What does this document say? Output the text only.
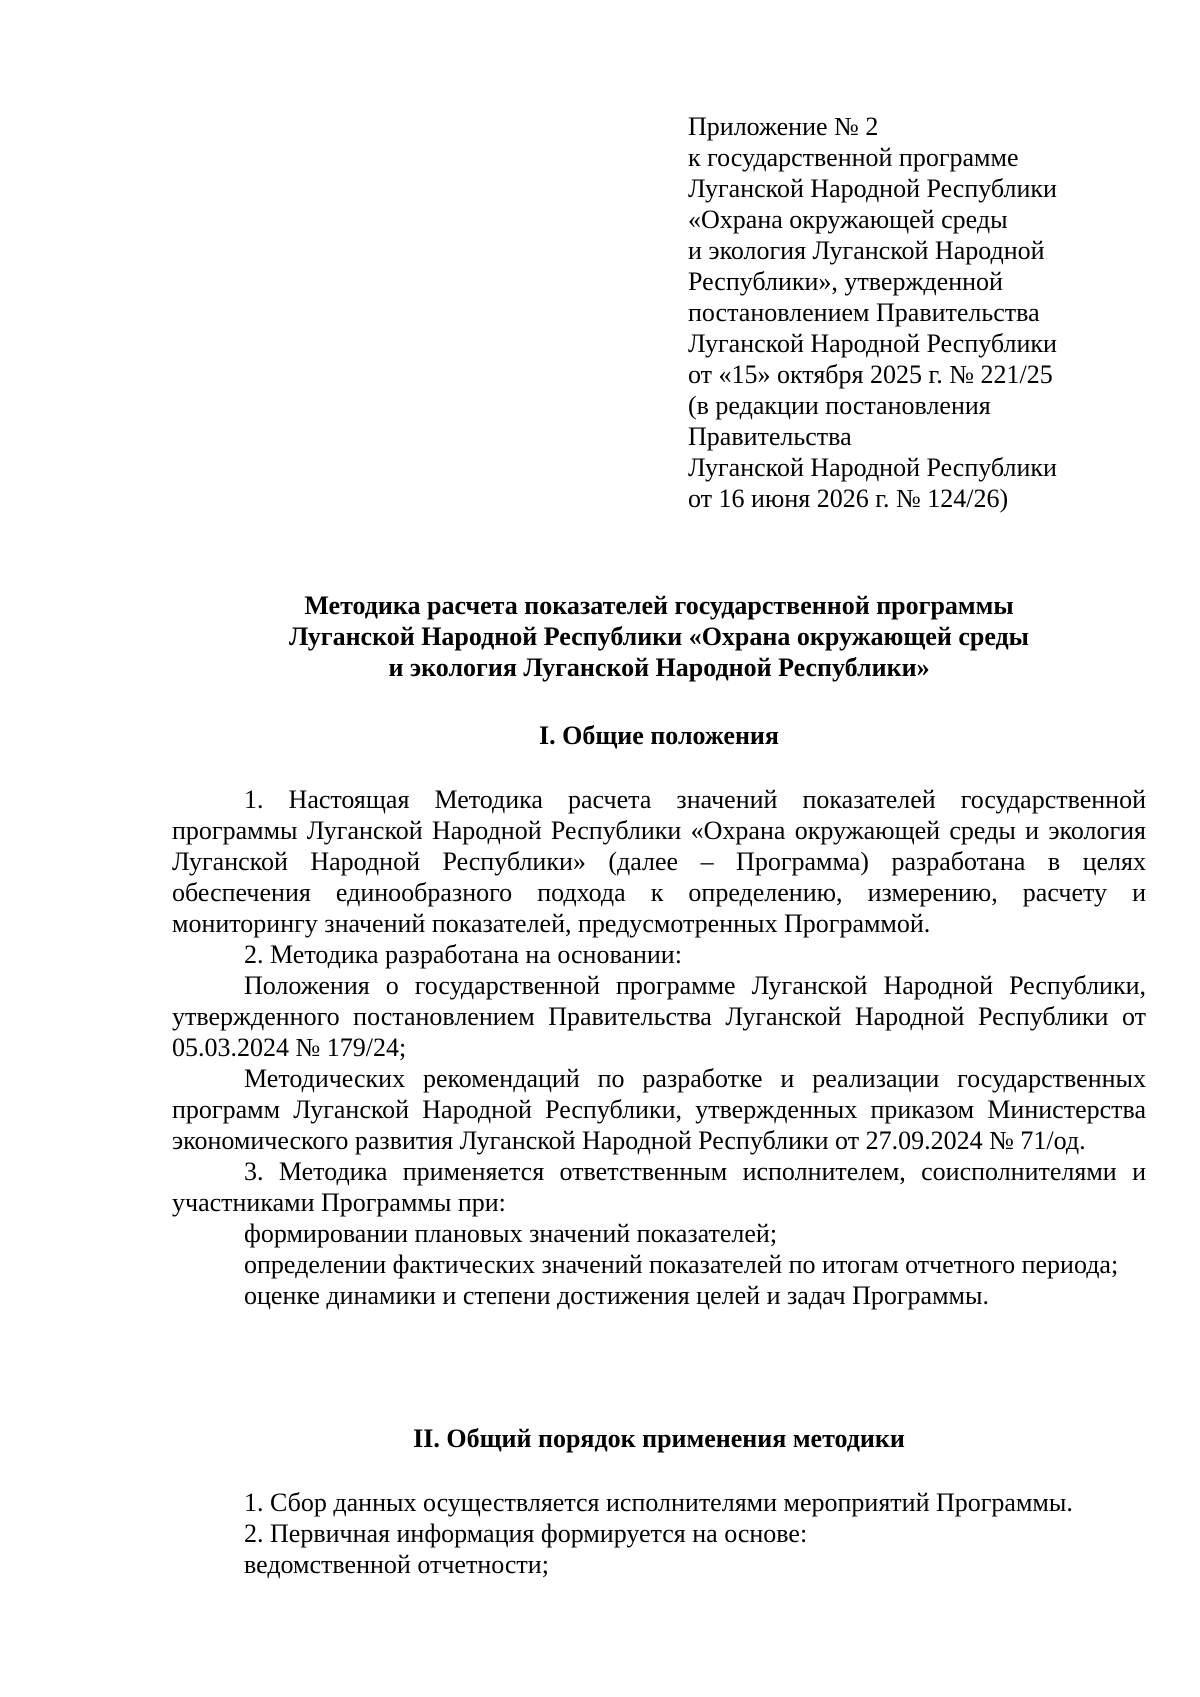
Приложение № 2
к государственной программе
Луганской Народной Республики
«Охрана окружающей среды
и экология Луганской Народной
Республики», утвержденной
постановлением Правительства
Луганской Народной Республики
от «15» октября 2025 г. № 221/25
(в редакции постановления
Правительства
Луганской Народной Республики
от 16 июня 2026 г. № 124/26)
Методика расчета показателей государственной программы
Луганской Народной Республики «Охрана окружающей среды
и экология Луганской Народной Республики»
I. Общие положения

1. Настоящая Методика расчета значений показателей государственной программы Луганской Народной Республики «Охрана окружающей среды и экология Луганской Народной Республики» (далее – Программа) разработана в целях обеспечения единообразного подхода к определению, измерению, расчету и мониторингу значений показателей, предусмотренных Программой.

2. Методика разработана на основании:

Положения о государственной программе Луганской Народной Республики, утвержденного постановлением Правительства Луганской Народной Республики от 05.03.2024 № 179/24;

Методических рекомендаций по разработке и реализации государственных программ Луганской Народной Республики, утвержденных приказом Министерства экономического развития Луганской Народной Республики от 27.09.2024 № 71/од.

3. Методика применяется ответственным исполнителем, соисполнителями и участниками Программы при:

формировании плановых значений показателей;

определении фактических значений показателей по итогам отчетного периода;

оценке динамики и степени достижения целей и задач Программы.

II. Общий порядок применения методики

1. Сбор данных осуществляется исполнителями мероприятий Программы.

2. Первичная информация формируется на основе:

ведомственной отчетности;
